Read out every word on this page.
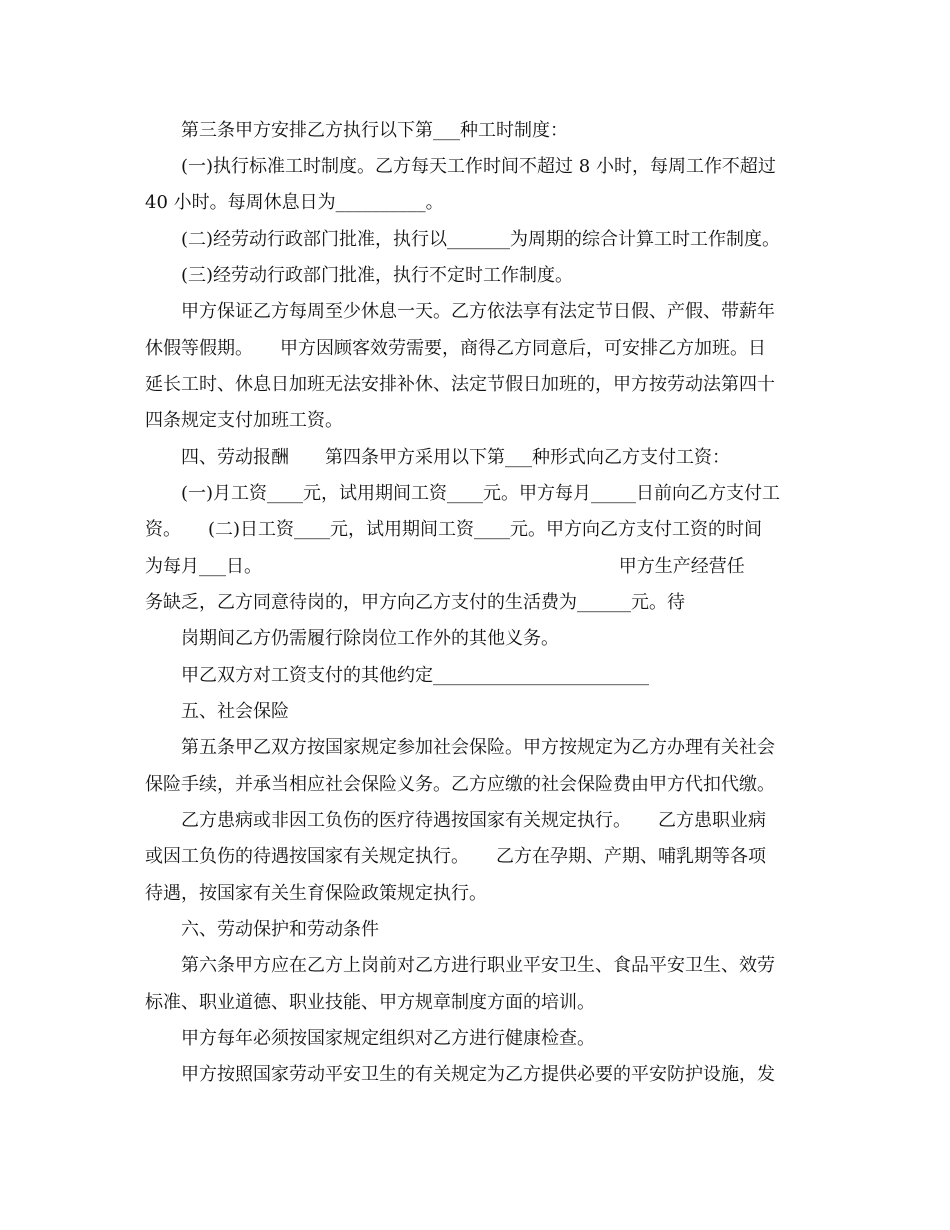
第三条甲方安排乙方执行以下第___种工时制度：

(一)执行标准工时制度。乙方每天工作时间不超过 8 小时，每周工作不超过

40 小时。每周休息日为__________。

(二)经劳动行政部门批准，执行以_______为周期的综合计算工时工作制度。

(三)经劳动行政部门批准，执行不定时工作制度。

甲方保证乙方每周至少休息一天。乙方依法享有法定节日假、产假、带薪年

休假等假期。　　甲方因顾客效劳需要，商得乙方同意后，可安排乙方加班。日

延长工时、休息日加班无法安排补休、法定节假日加班的，甲方按劳动法第四十

四条规定支付加班工资。

四、劳动报酬　　第四条甲方采用以下第___种形式向乙方支付工资：

(一)月工资____元，试用期间工资____元。甲方每月_____日前向乙方支付工

资。　　(二)日工资____元，试用期间工资____元。甲方向乙方支付工资的时间

为每月___日。　　　　　　　　　　　　　　　　　　　　 甲方生产经营任

务缺乏，乙方同意待岗的，甲方向乙方支付的生活费为______元。待

岗期间乙方仍需履行除岗位工作外的其他义务。

甲乙双方对工资支付的其他约定________________________

五、社会保险

第五条甲乙双方按国家规定参加社会保险。甲方按规定为乙方办理有关社会

保险手续，并承当相应社会保险义务。乙方应缴的社会保险费由甲方代扣代缴。

乙方患病或非因工负伤的医疗待遇按国家有关规定执行。　　乙方患职业病

或因工负伤的待遇按国家有关规定执行。　　乙方在孕期、产期、哺乳期等各项

待遇，按国家有关生育保险政策规定执行。

六、劳动保护和劳动条件

第六条甲方应在乙方上岗前对乙方进行职业平安卫生、食品平安卫生、效劳

标准、职业道德、职业技能、甲方规章制度方面的培训。

甲方每年必须按国家规定组织对乙方进行健康检查。

甲方按照国家劳动平安卫生的有关规定为乙方提供必要的平安防护设施，发
